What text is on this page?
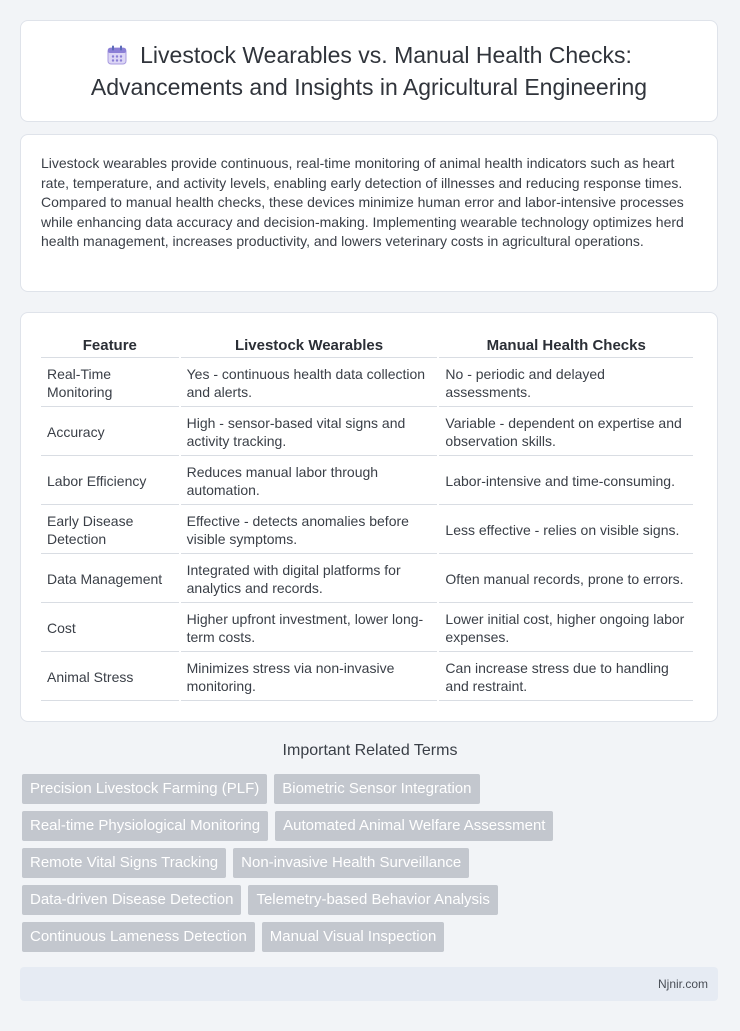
Livestock Wearables vs. Manual Health Checks: Advancements and Insights in Agricultural Engineering

Livestock wearables provide continuous, real-time monitoring of animal health indicators such as heart rate, temperature, and activity levels, enabling early detection of illnesses and reducing response times. Compared to manual health checks, these devices minimize human error and labor-intensive processes while enhancing data accuracy and decision-making. Implementing wearable technology optimizes herd health management, increases productivity, and lowers veterinary costs in agricultural operations.

Feature	Livestock Wearables	Manual Health Checks
Real-Time Monitoring	Yes - continuous health data collection and alerts.	No - periodic and delayed assessments.
Accuracy	High - sensor-based vital signs and activity tracking.	Variable - dependent on expertise and observation skills.
Labor Efficiency	Reduces manual labor through automation.	Labor-intensive and time-consuming.
Early Disease Detection	Effective - detects anomalies before visible symptoms.	Less effective - relies on visible signs.
Data Management	Integrated with digital platforms for analytics and records.	Often manual records, prone to errors.
Cost	Higher upfront investment, lower long-term costs.	Lower initial cost, higher ongoing labor expenses.
Animal Stress	Minimizes stress via non-invasive monitoring.	Can increase stress due to handling and restraint.
Important Related Terms
Precision Livestock Farming (PLF)	Biometric Sensor Integration
Real-time Physiological Monitoring	Automated Animal Welfare Assessment
Remote Vital Signs Tracking	Non-invasive Health Surveillance
Data-driven Disease Detection	Telemetry-based Behavior Analysis
Continuous Lameness Detection	Manual Visual Inspection
Njnir.com
